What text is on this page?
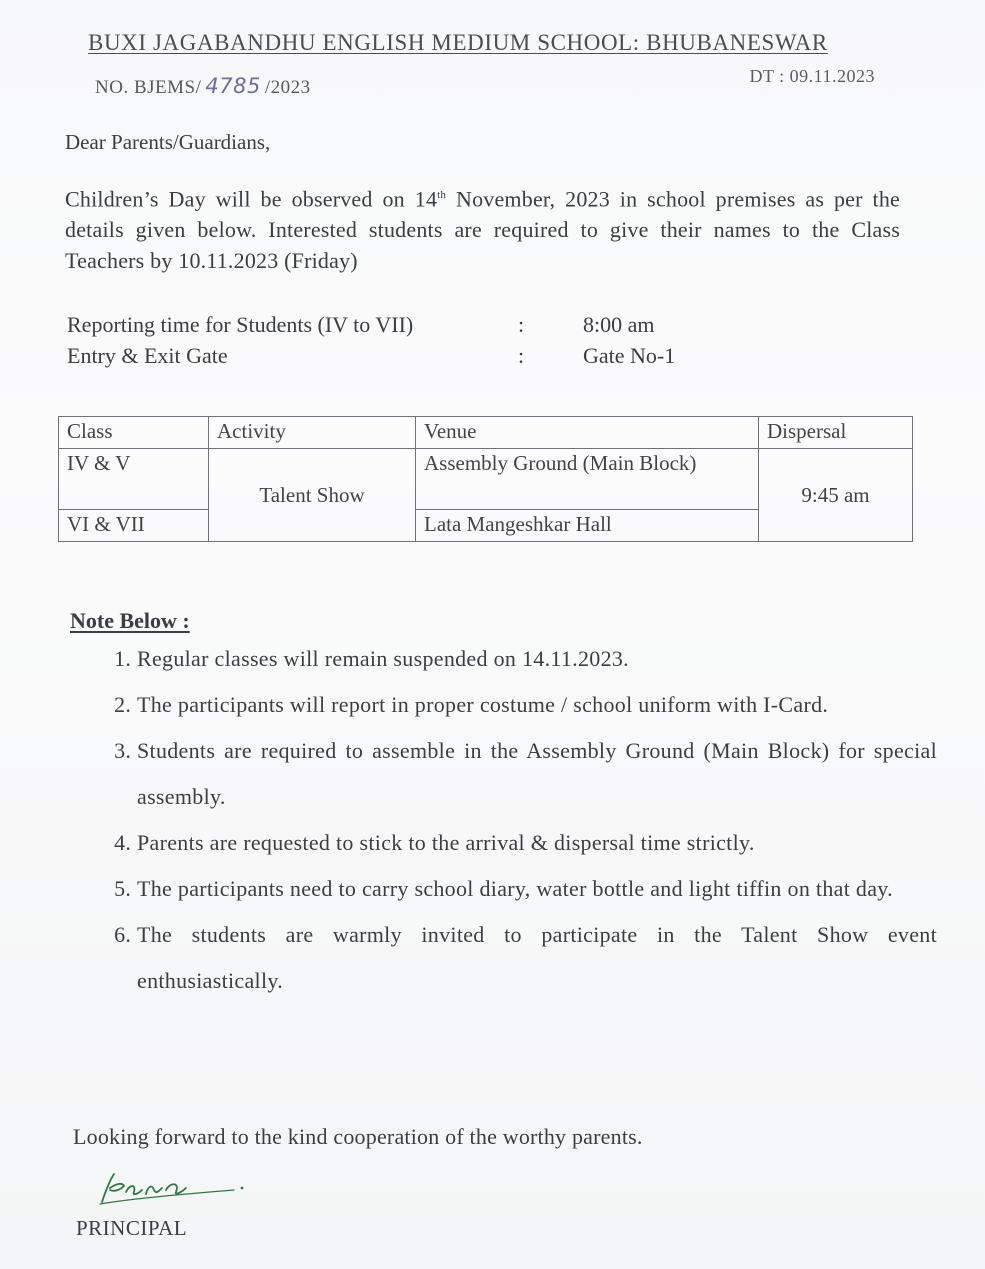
BUXI JAGABANDHU ENGLISH MEDIUM SCHOOL: BHUBANESWAR
NO. BJEMS/ 4785 /2023
DT : 09.11.2023
Dear Parents/Guardians,
Children’s Day will be observed on 14th November, 2023 in school premises as per the details given below. Interested students are required to give their names to the Class Teachers by 10.11.2023 (Friday)
Reporting time for Students (IV to VII)	:	8:00 am
Entry & Exit Gate	:	Gate No-1
Class	Activity	Venue	Dispersal
IV & V	Talent Show	Assembly Ground (Main Block)	9:45 am
VI & VII		Lata Mangeshkar Hall	
Note Below :
1. Regular classes will remain suspended on 14.11.2023.
2. The participants will report in proper costume / school uniform with I-Card.
3. Students are required to assemble in the Assembly Ground (Main Block) for special assembly.
4. Parents are requested to stick to the arrival & dispersal time strictly.
5. The participants need to carry school diary, water bottle and light tiffin on that day.
6. The students are warmly invited to participate in the Talent Show event enthusiastically.
Looking forward to the kind cooperation of the worthy parents.
PRINCIPAL
